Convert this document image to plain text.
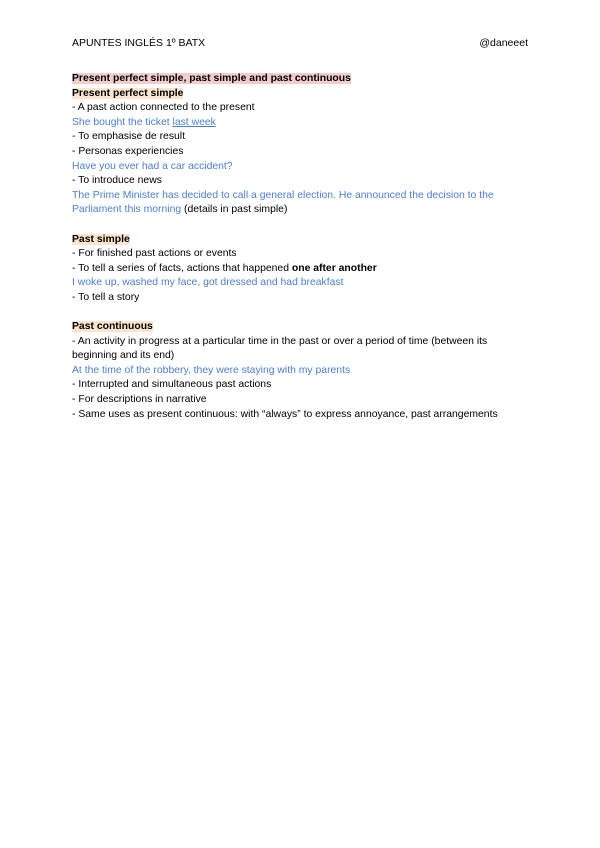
APUNTES INGLÉS 1º BATX	@daneeet
Present perfect simple, past simple and past continuous
Present perfect simple
- A past action connected to the present
She bought the ticket last week
- To emphasise de result
- Personas experiencies
Have you ever had a car accident?
- To introduce news
The Prime Minister has decided to call a general election. He announced the decision to the Parliament this morning (details in past simple)
Past simple
- For finished past actions or events
- To tell a series of facts, actions that happened one after another
I woke up, washed my face, got dressed and had breakfast
- To tell a story
Past continuous
- An activity in progress at a particular time in the past or over a period of time (between its beginning and its end)
At the time of the robbery, they were staying with my parents
- Interrupted and simultaneous past actions
- For descriptions in narrative
- Same uses as present continuous: with “always” to express annoyance, past arrangements
